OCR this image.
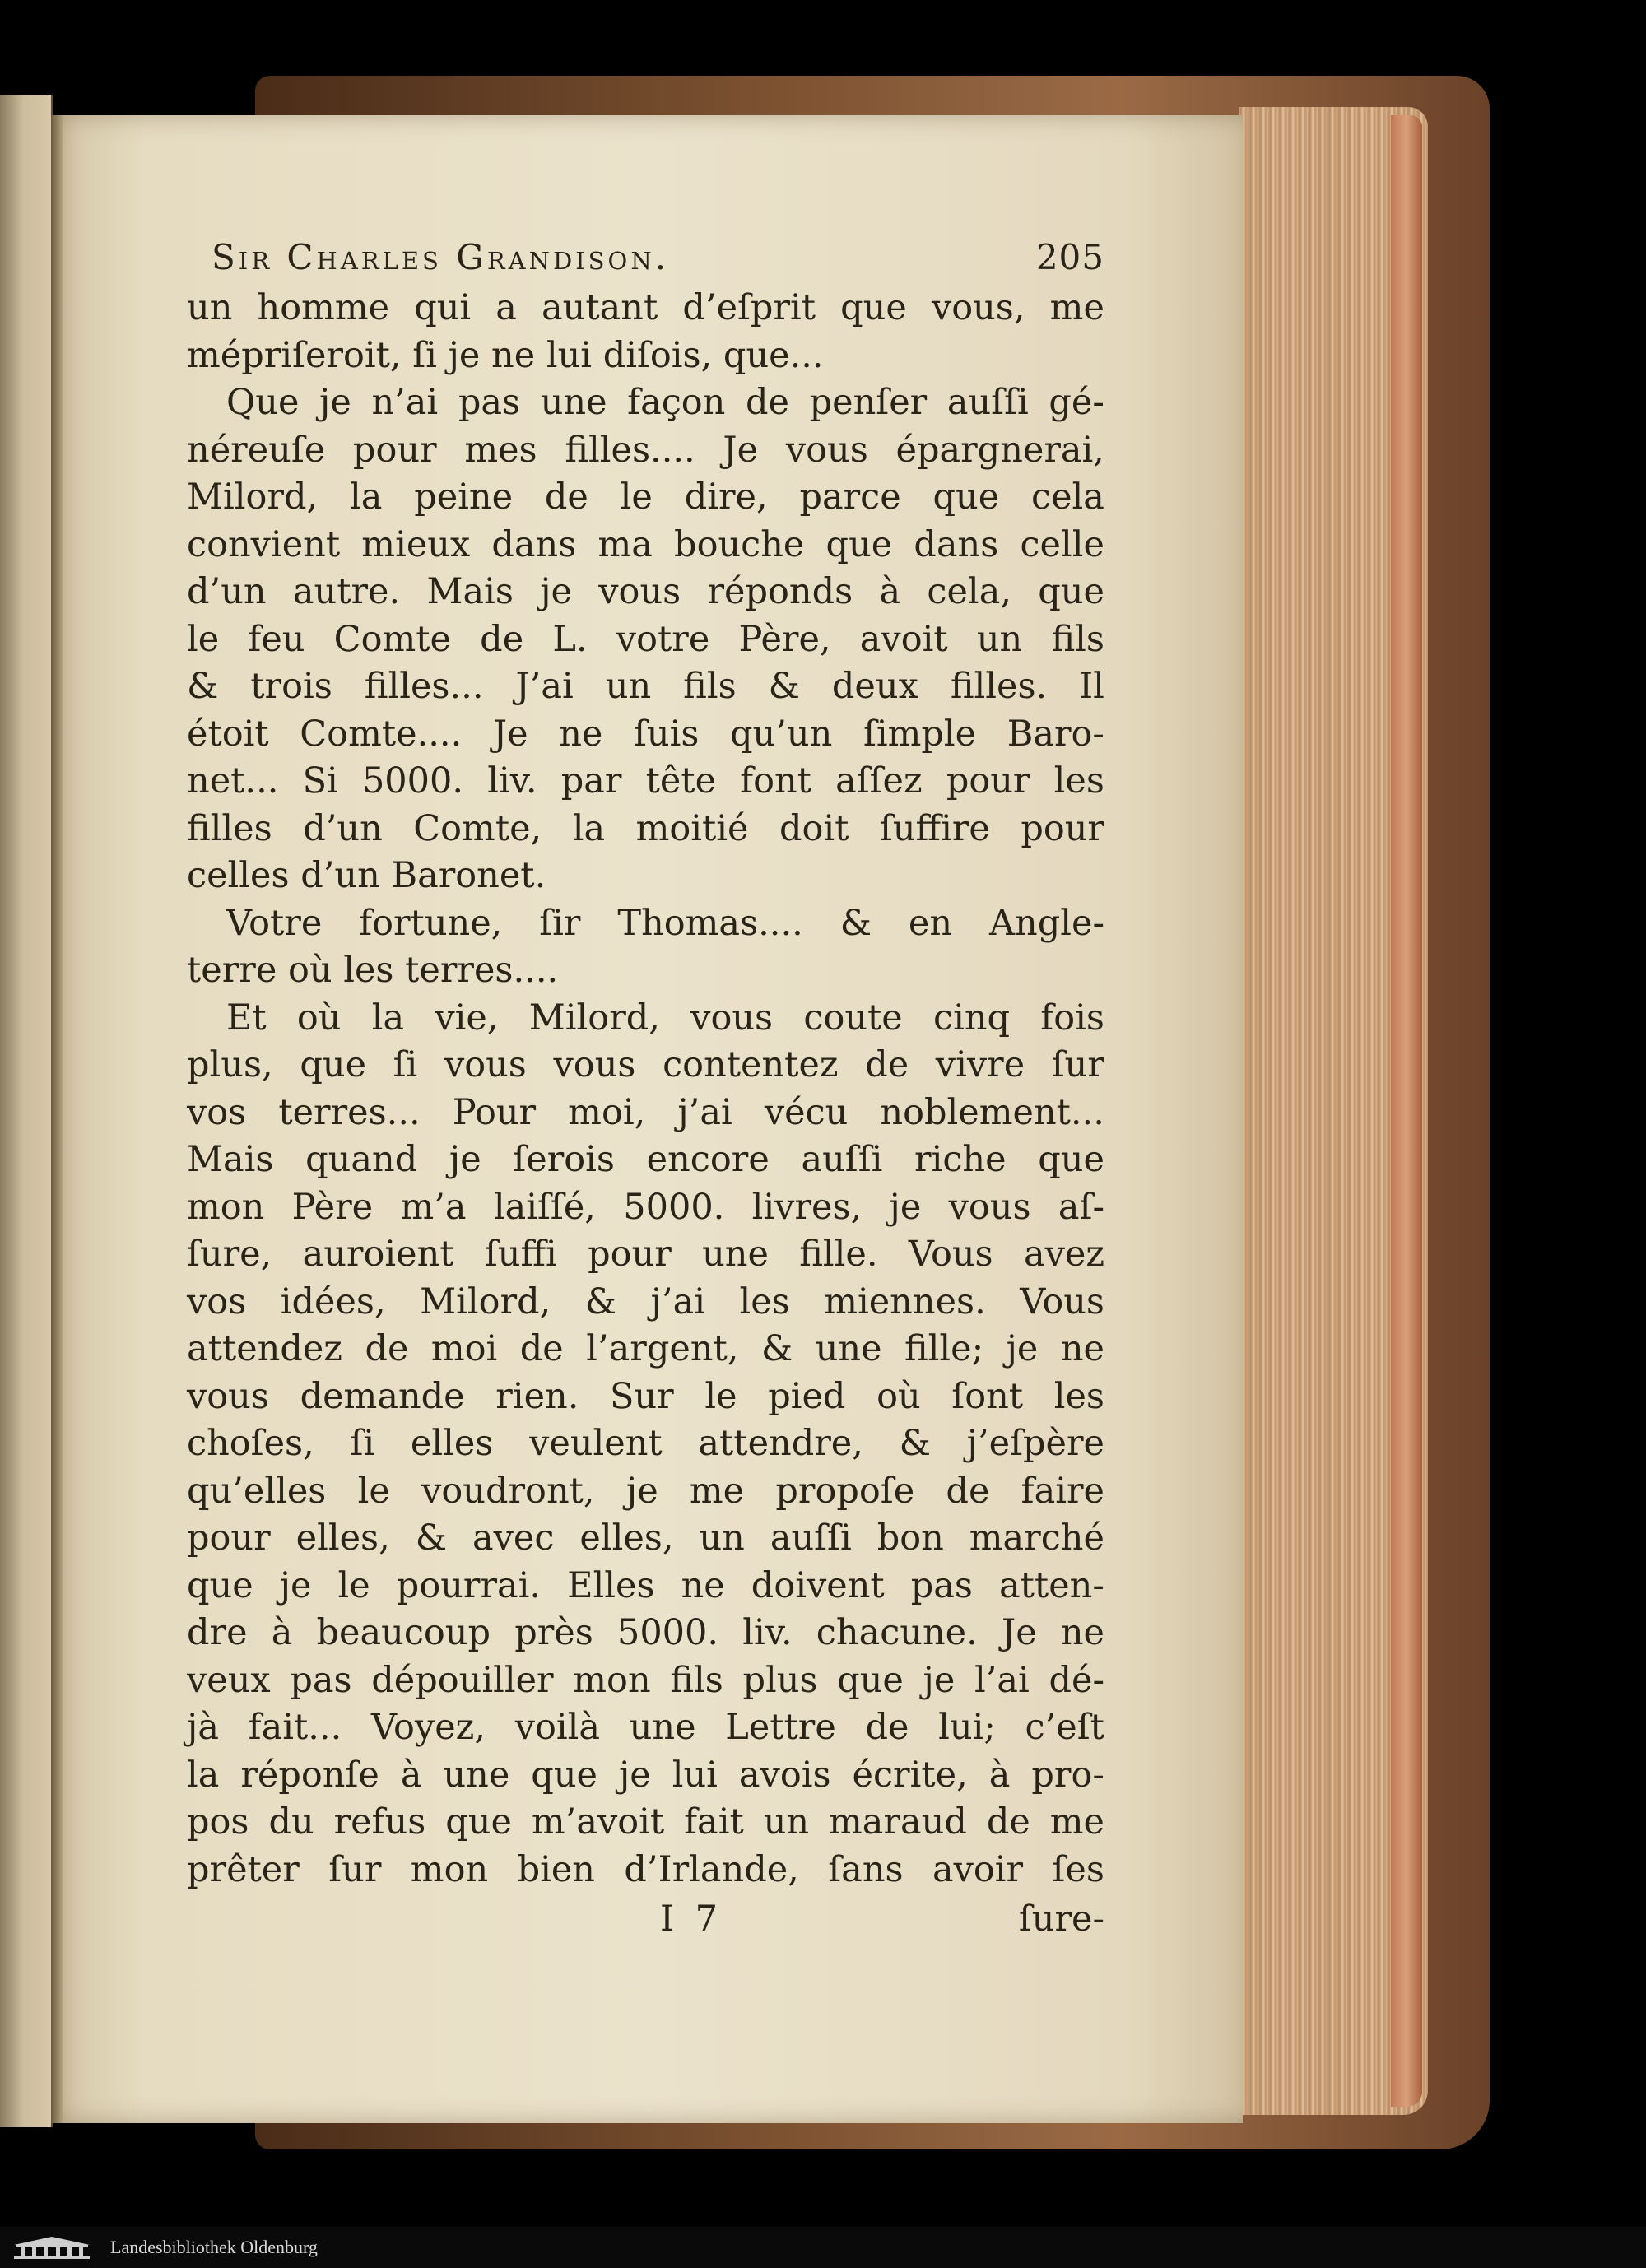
Sir Charles Grandison.	205
un homme qui a autant d’eſprit que vous, me
mépriſeroit, ſi je ne lui diſois, que...
Que je n’ai pas une façon de penſer auſſi gé-
néreuſe pour mes filles.... Je vous épargnerai,
Milord, la peine de le dire, parce que cela
convient mieux dans ma bouche que dans celle
d’un autre. Mais je vous réponds à cela, que
le feu Comte de L. votre Père, avoit un fils
& trois filles... J’ai un fils & deux filles. Il
étoit Comte.... Je ne ſuis qu’un ſimple Baro-
net... Si 5000. liv. par tête font aſſez pour les
filles d’un Comte, la moitié doit ſuffire pour
celles d’un Baronet.
Votre fortune, ſir Thomas.... & en Angle-
terre où les terres....
Et où la vie, Milord, vous coute cinq fois
plus, que ſi vous vous contentez de vivre ſur
vos terres... Pour moi, j’ai vécu noblement...
Mais quand je ſerois encore auſſi riche que
mon Père m’a laiſſé, 5000. livres, je vous aſ-
ſure, auroient ſuffi pour une fille. Vous avez
vos idées, Milord, & j’ai les miennes. Vous
attendez de moi de l’argent, & une fille; je ne
vous demande rien. Sur le pied où ſont les
choſes, ſi elles veulent attendre, & j’eſpère
qu’elles le voudront, je me propoſe de faire
pour elles, & avec elles, un auſſi bon marché
que je le pourrai. Elles ne doivent pas atten-
dre à beaucoup près 5000. liv. chacune. Je ne
veux pas dépouiller mon fils plus que je l’ai dé-
jà fait... Voyez, voilà une Lettre de lui; c’eſt
la réponſe à une que je lui avois écrite, à pro-
pos du refus que m’avoit fait un maraud de me
prêter ſur mon bien d’Irlande, ſans avoir ſes
I 7	ſure-
Landesbibliothek Oldenburg
